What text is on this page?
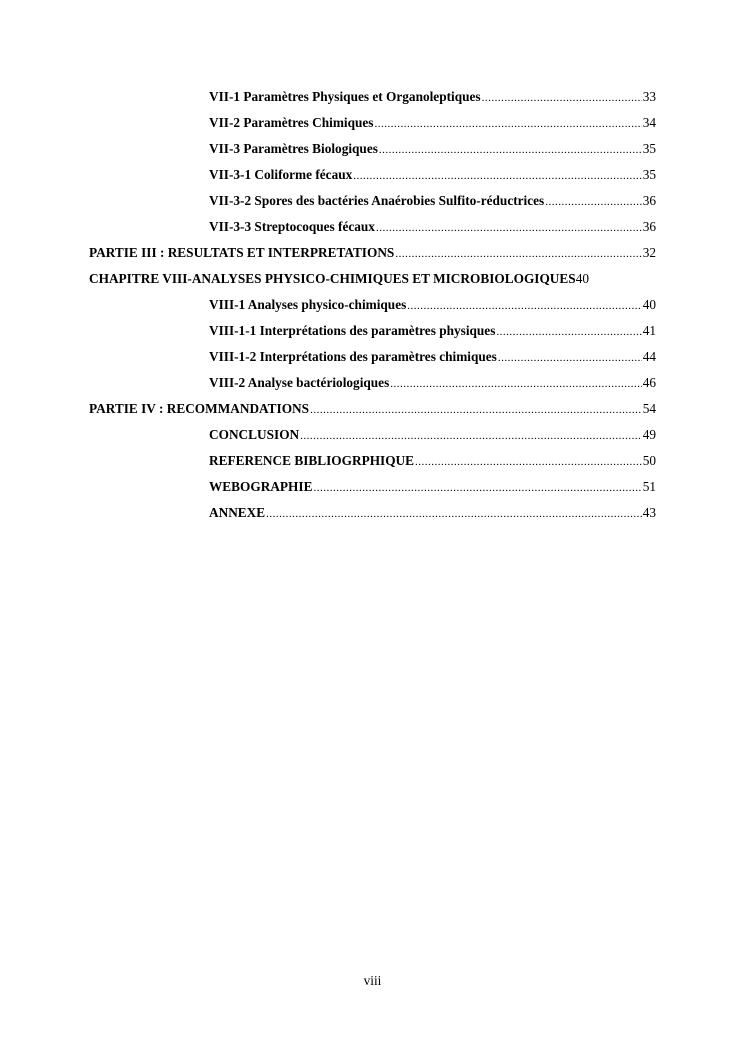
VII-1 Paramètres Physiques et Organoleptiques .....	33
VII-2 Paramètres Chimiques .....	34
VII-3 Paramètres Biologiques .....	35
VII-3-1 Coliforme fécaux .....	35
VII-3-2 Spores des bactéries Anaérobies Sulfito-réductrices .....	36
VII-3-3 Streptocoques fécaux .....	36
PARTIE III : RESULTATS ET INTERPRETATIONS .....	32
CHAPITRE VIII-ANALYSES PHYSICO-CHIMIQUES ET MICROBIOLOGIQUES 40
VIII-1 Analyses physico-chimiques .....	40
VIII-1-1 Interprétations des paramètres physiques .....	41
VIII-1-2 Interprétations des paramètres chimiques .....	44
VIII-2 Analyse bactériologiques .....	46
PARTIE IV : RECOMMANDATIONS .....	54
CONCLUSION .....	49
REFERENCE BIBLIOGRPHIQUE .....	50
WEBOGRAPHIE .....	51
ANNEXE .....	43
viii
